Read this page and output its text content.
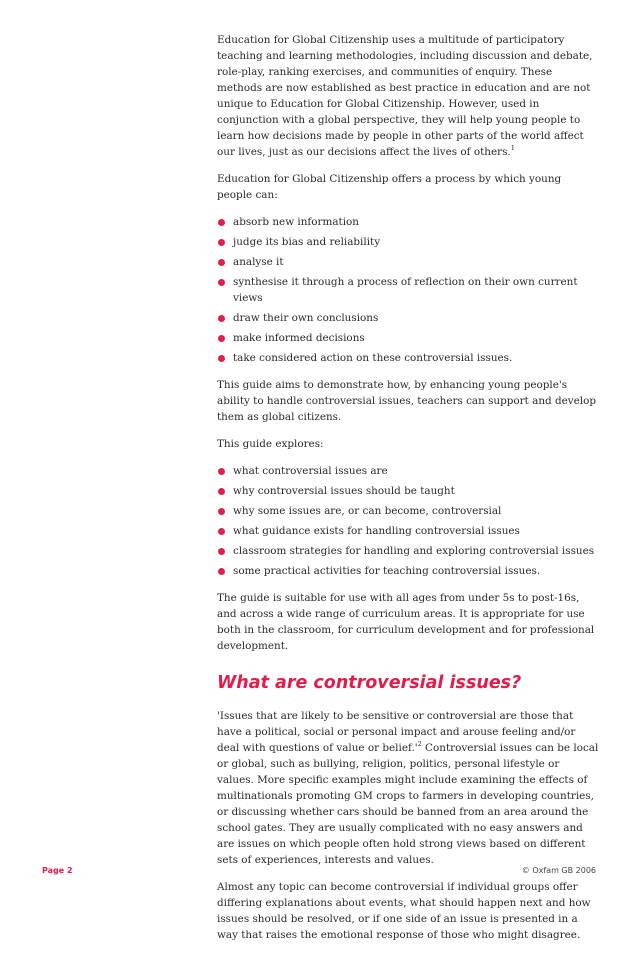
Education for Global Citizenship uses a multitude of participatory teaching and learning methodologies, including discussion and debate, role-play, ranking exercises, and communities of enquiry. These methods are now established as best practice in education and are not unique to Education for Global Citizenship. However, used in conjunction with a global perspective, they will help young people to learn how decisions made by people in other parts of the world affect our lives, just as our decisions affect the lives of others.$^1$

Education for Global Citizenship offers a process by which young people can:

absorb new information
judge its bias and reliability
analyse it
synthesise it through a process of reflection on their own current views
draw their own conclusions
make informed decisions
take considered action on these controversial issues.

This guide aims to demonstrate how, by enhancing young people's ability to handle controversial issues, teachers can support and develop them as global citizens.

This guide explores:

what controversial issues are
why controversial issues should be taught
why some issues are, or can become, controversial
what guidance exists for handling controversial issues
classroom strategies for handling and exploring controversial issues
some practical activities for teaching controversial issues.

The guide is suitable for use with all ages from under 5s to post-16s, and across a wide range of curriculum areas. It is appropriate for use both in the classroom, for curriculum development and for professional development.

What are controversial issues?

'Issues that are likely to be sensitive or controversial are those that have a political, social or personal impact and arouse feeling and/or deal with questions of value or $belief.'^2$ Controversial issues can be local or global, such as bullying, religion, politics, personal lifestyle or values. More specific examples might include examining the effects of multinationals promoting GM crops to farmers in developing countries, or discussing whether cars should be banned from an area around the school gates. They are usually complicated with no easy answers and are issues on which people often hold strong views based on different sets of experiences, interests and values.

Almost any topic can become controversial if individual groups offer differing explanations about events, what should happen next and how issues should be resolved, or if one side of an issue is presented in a way that raises the emotional response of those who might disagree.

Page 2	© Oxfam GB 2006
